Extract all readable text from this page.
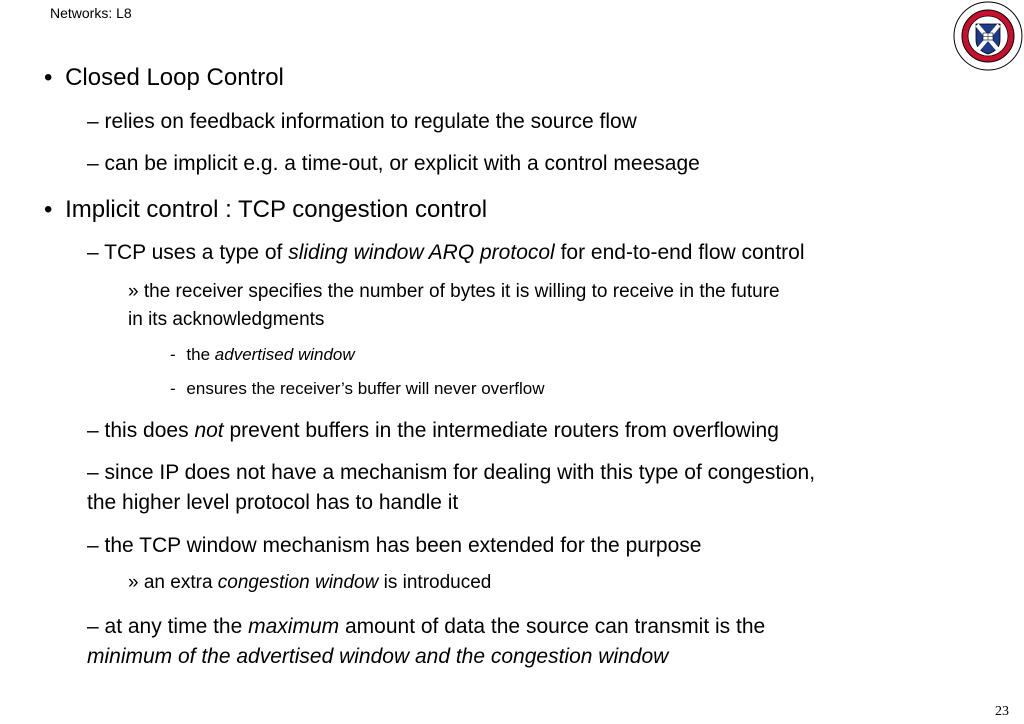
Networks: L8
• Closed Loop Control
– relies on feedback information to regulate the source flow
– can be implicit e.g. a time-out, or explicit with a control meesage
• Implicit control : TCP congestion control
– TCP uses a type of sliding window ARQ protocol for end-to-end flow control
» the receiver specifies the number of bytes it is willing to receive in the future
in its acknowledgments
- the advertised window
- ensures the receiver’s buffer will never overflow
– this does not prevent buffers in the intermediate routers from overflowing
– since IP does not have a mechanism for dealing with this type of congestion,
the higher level protocol has to handle it
– the TCP window mechanism has been extended for the purpose
» an extra congestion window is introduced
– at any time the maximum amount of data the source can transmit is the
minimum of the advertised window and the congestion window
23
